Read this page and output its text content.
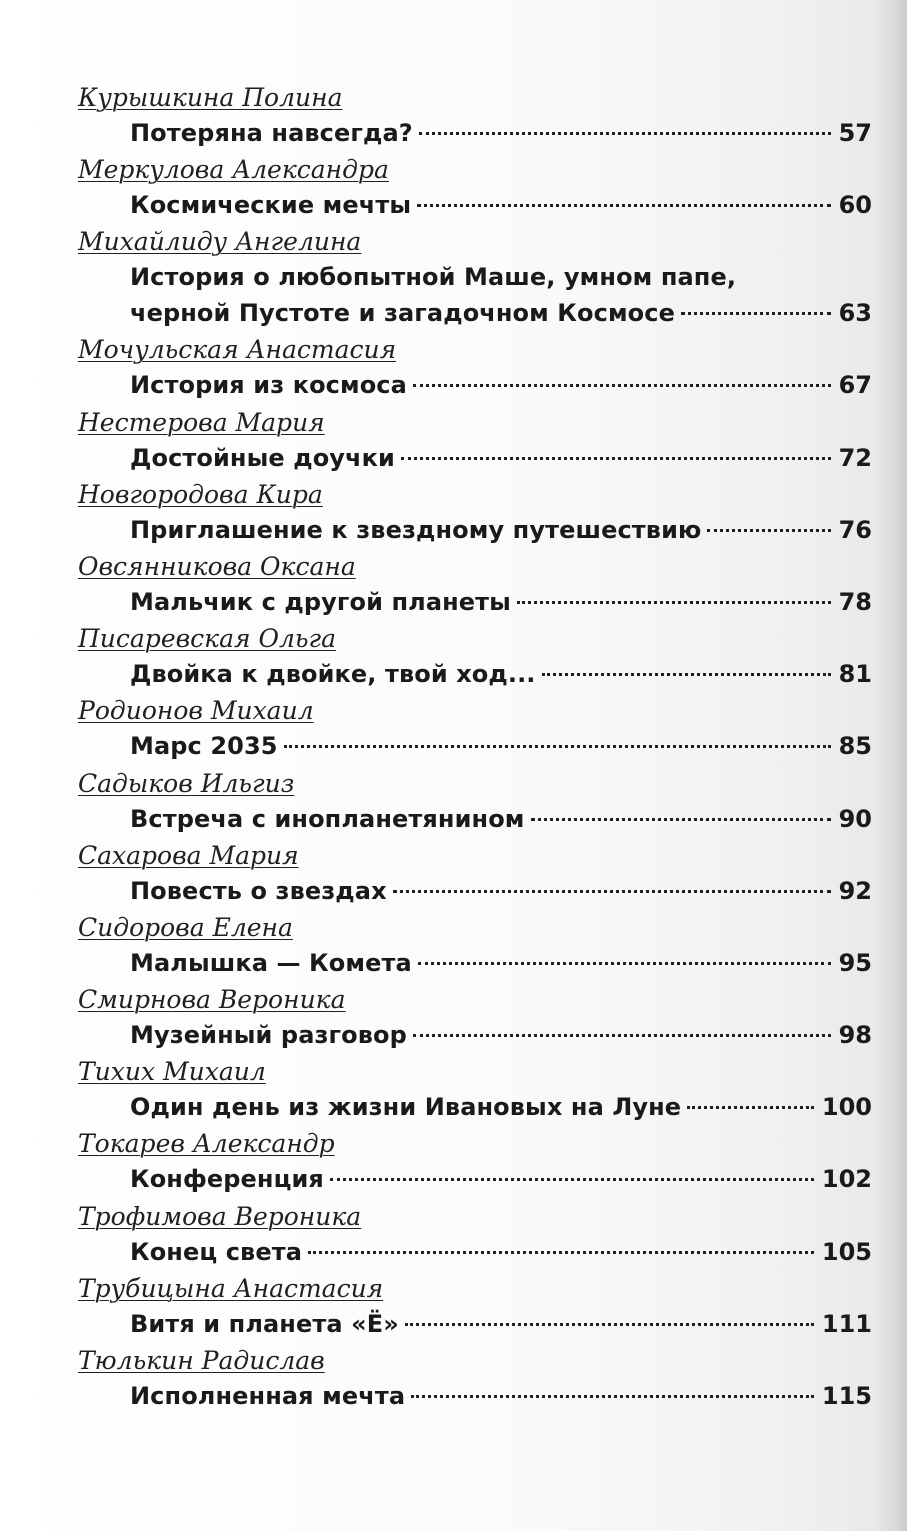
Курышкина Полина
Потеряна навсегда?	57
Меркулова Александра
Космические мечты	60
Михайлиду Ангелина
История о любопытной Маше, умном папе,
черной Пустоте и загадочном Космосе	63
Мочульская Анастасия
История из космоса	67
Нестерова Мария
Достойные доучки	72
Новгородова Кира
Приглашение к звездному путешествию	76
Овсянникова Оксана
Мальчик с другой планеты	78
Писаревская Ольга
Двойка к двойке, твой ход...	81
Родионов Михаил
Марс 2035	85
Садыков Ильгиз
Встреча с инопланетянином	90
Сахарова Мария
Повесть о звездах	92
Сидорова Елена
Малышка — Комета	95
Смирнова Вероника
Музейный разговор	98
Тихих Михаил
Один день из жизни Ивановых на Луне	100
Токарев Александр
Конференция	102
Трофимова Вероника
Конец света	105
Трубицына Анастасия
Витя и планета «Ё»	111
Тюлькин Радислав
Исполненная мечта	115
